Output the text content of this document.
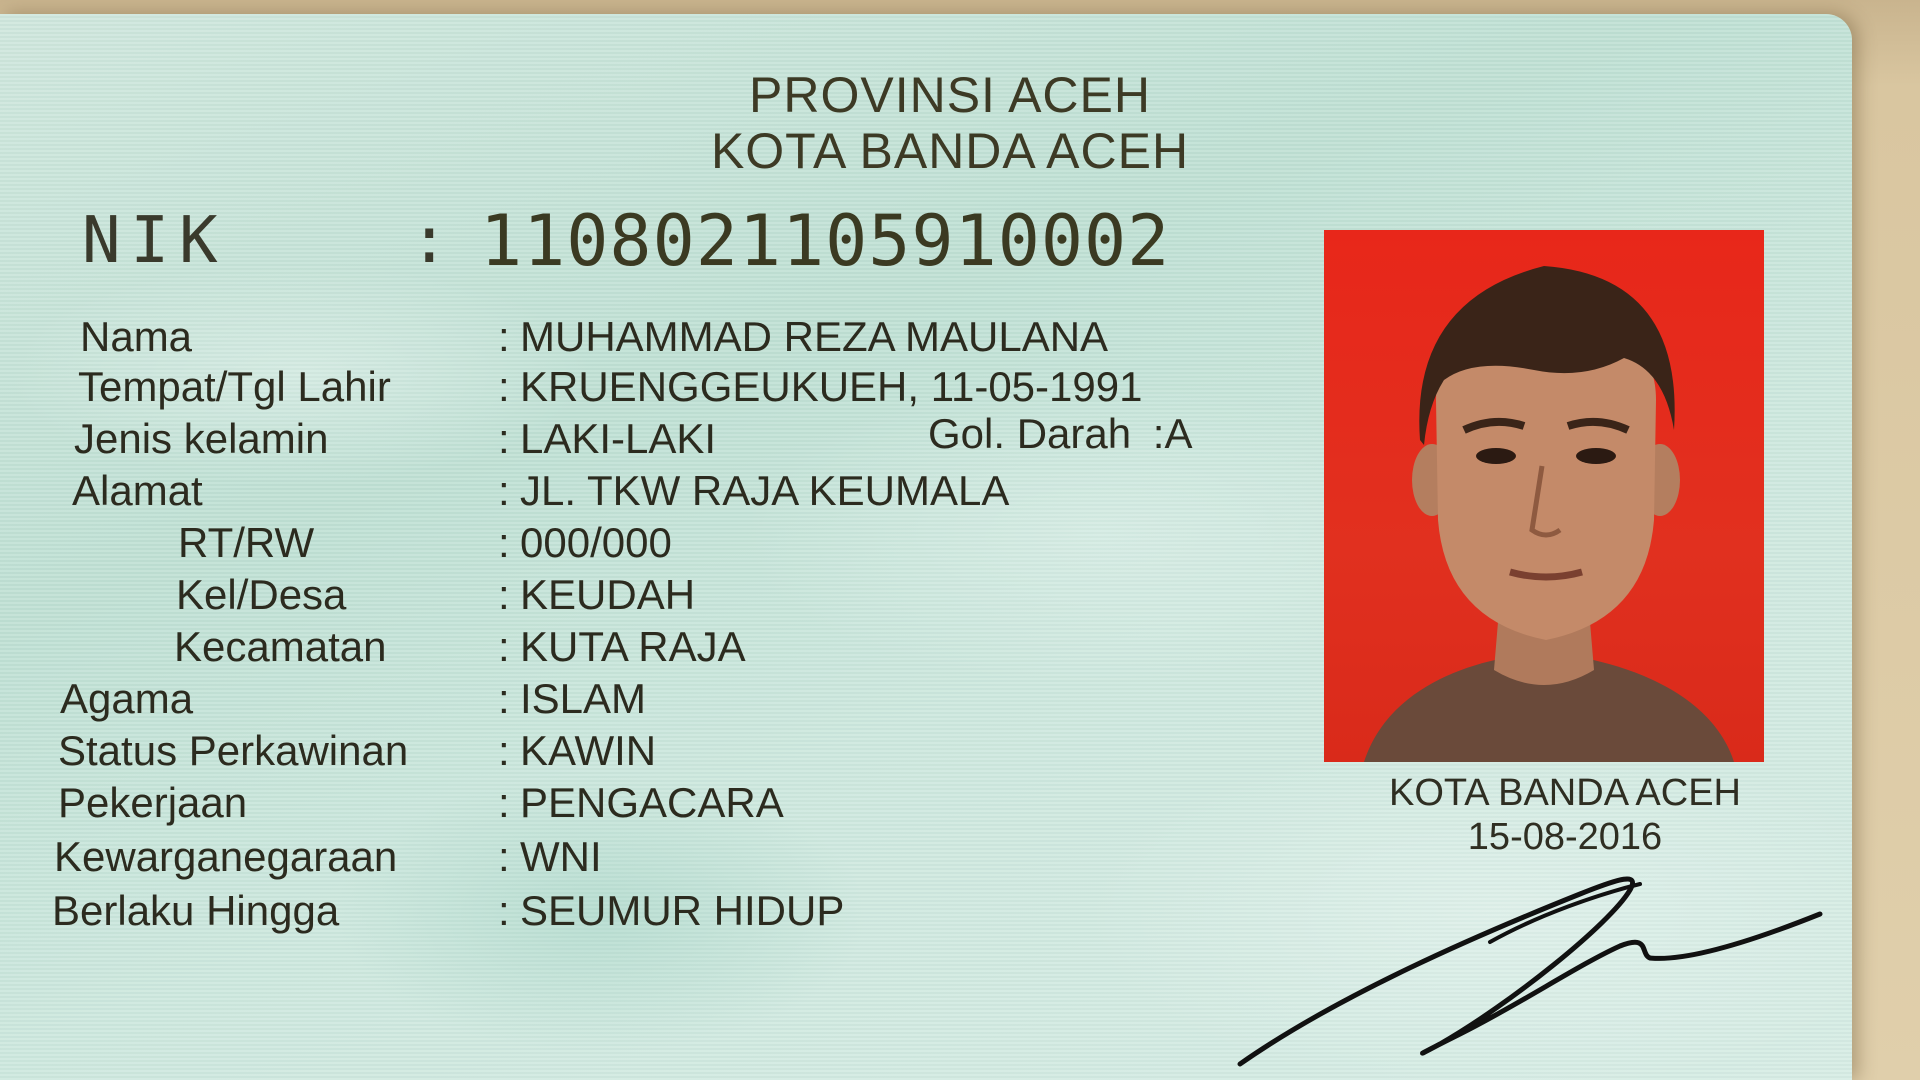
PROVINSI ACEH
KOTA BANDA ACEH
NIK	: 1108021105910002
Nama	: MUHAMMAD REZA MAULANA
Tempat/Tgl Lahir	: KRUENGGEUKUEH, 11-05-1991
Jenis kelamin	: LAKI-LAKI	Gol. Darah :A
Alamat	: JL. TKW RAJA KEUMALA
RT/RW	: 000/000
Kel/Desa	: KEUDAH
Kecamatan	: KUTA RAJA
Agama	: ISLAM
Status Perkawinan : KAWIN
Pekerjaan	: PENGACARA
Kewarganegaraan : WNI
Berlaku Hingga	: SEUMUR HIDUP
KOTA BANDA ACEH
15-08-2016
